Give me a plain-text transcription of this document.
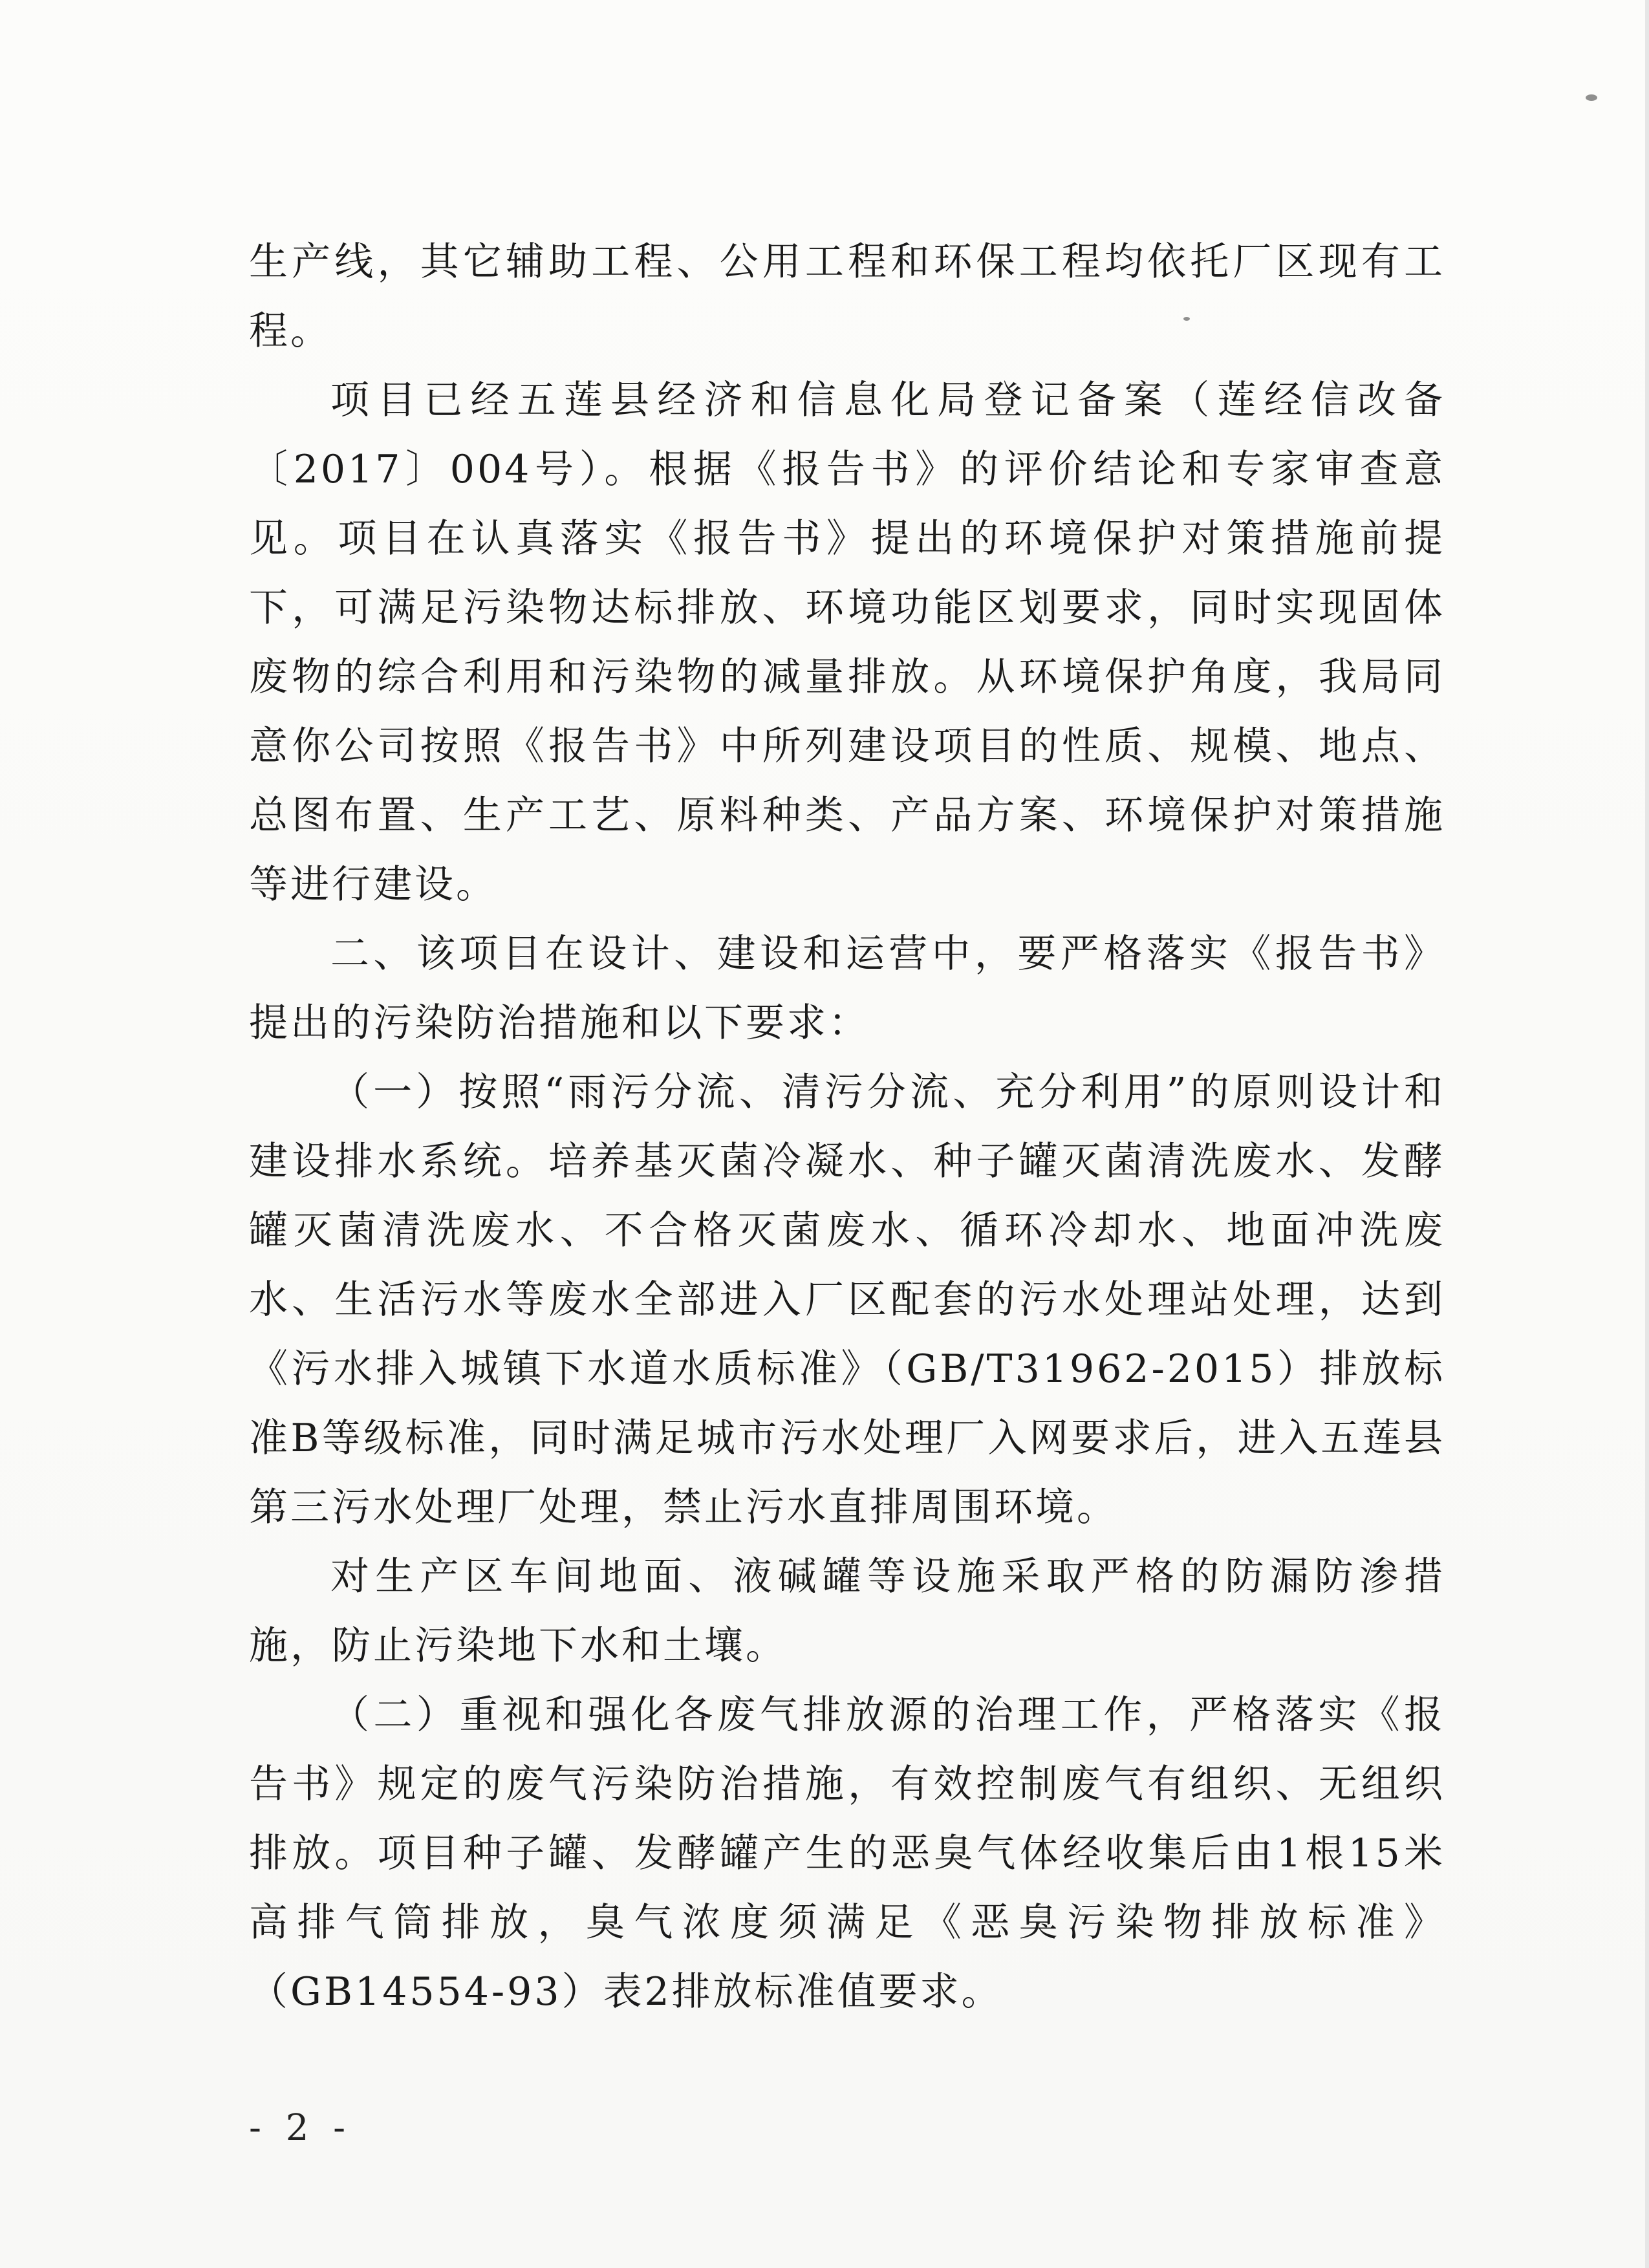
生产线，其它辅助工程、公用工程和环保工程均依托厂区现有工程。

项目已经五莲县经济和信息化局登记备案（莲经信改备〔2017〕004号）。根据《报告书》的评价结论和专家审查意见。项目在认真落实《报告书》提出的环境保护对策措施前提下，可满足污染物达标排放、环境功能区划要求，同时实现固体废物的综合利用和污染物的减量排放。从环境保护角度，我局同意你公司按照《报告书》中所列建设项目的性质、规模、地点、总图布置、生产工艺、原料种类、产品方案、环境保护对策措施等进行建设。

二、该项目在设计、建设和运营中，要严格落实《报告书》提出的污染防治措施和以下要求：

（一）按照“雨污分流、清污分流、充分利用”的原则设计和建设排水系统。培养基灭菌冷凝水、种子罐灭菌清洗废水、发酵罐灭菌清洗废水、不合格灭菌废水、循环冷却水、地面冲洗废水、生活污水等废水全部进入厂区配套的污水处理站处理，达到《污水排入城镇下水道水质标准》（GB/T31962-2015）排放标准B等级标准，同时满足城市污水处理厂入网要求后，进入五莲县第三污水处理厂处理，禁止污水直排周围环境。

对生产区车间地面、液碱罐等设施采取严格的防漏防渗措施，防止污染地下水和土壤。

（二）重视和强化各废气排放源的治理工作，严格落实《报告书》规定的废气污染防治措施，有效控制废气有组织、无组织排放。项目种子罐、发酵罐产生的恶臭气体经收集后由1根15米高排气筒排放，臭气浓度须满足《恶臭污染物排放标准》（GB14554-93）表2排放标准值要求。

- 2 -
